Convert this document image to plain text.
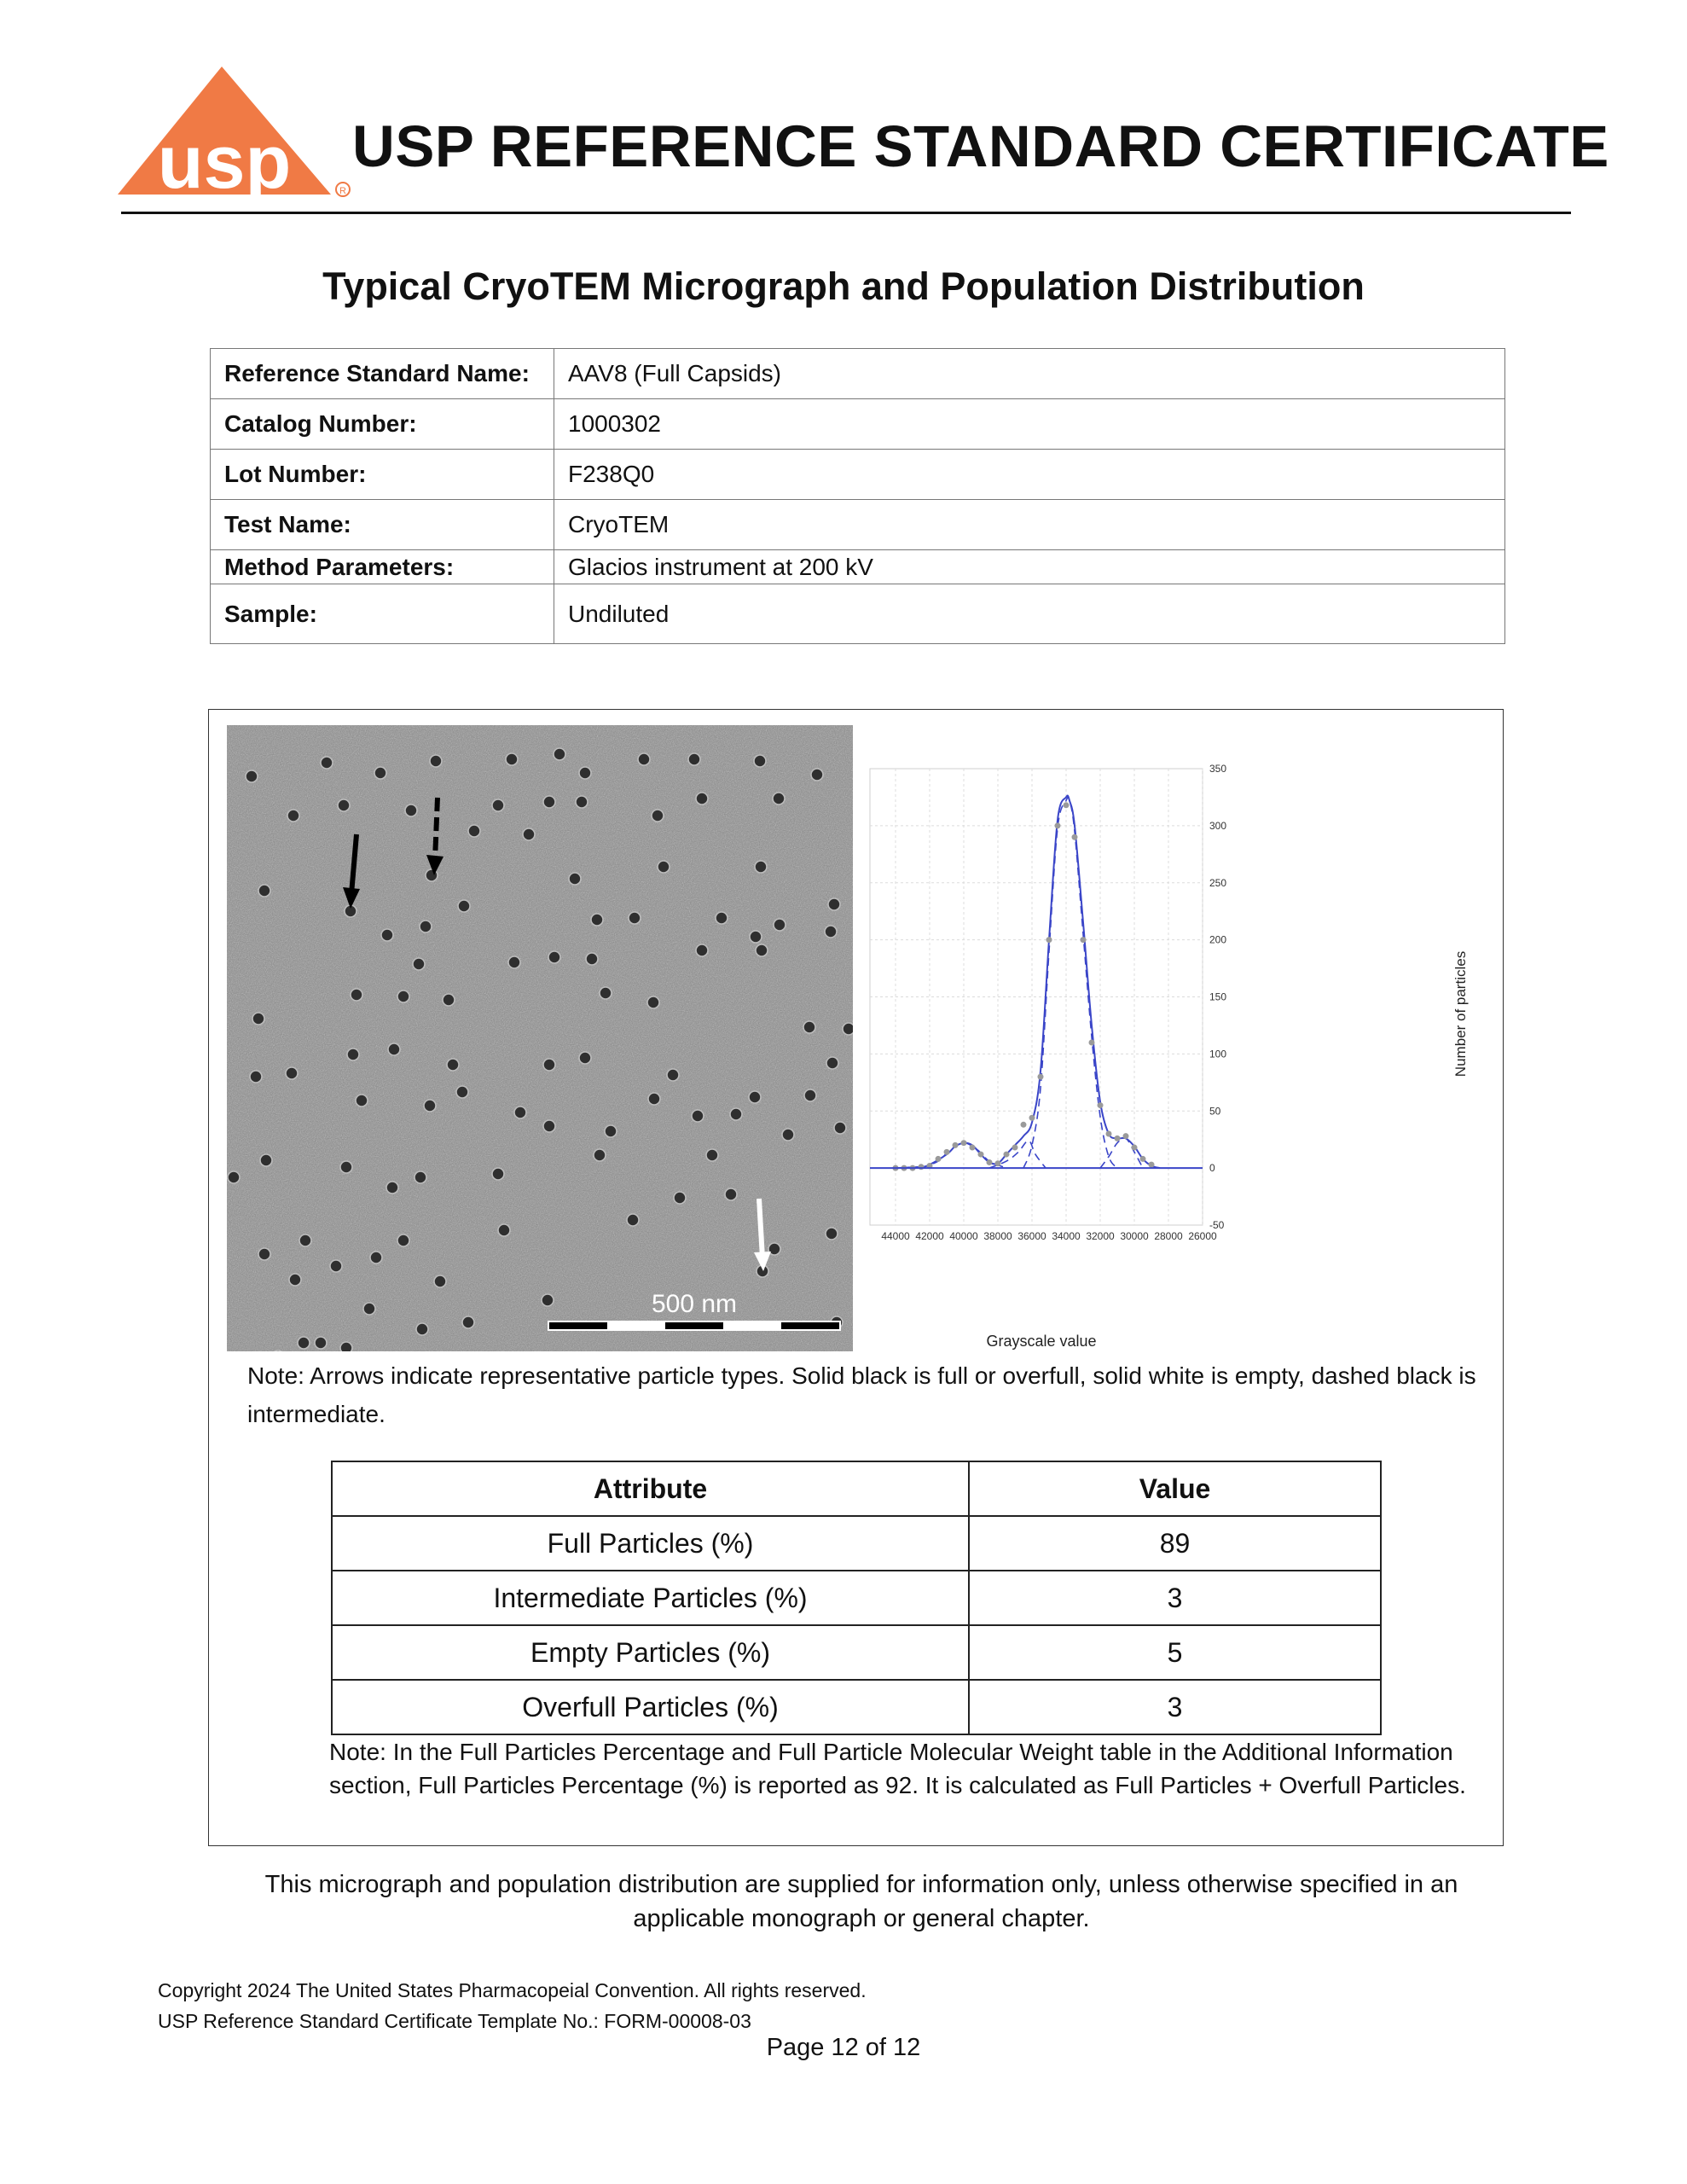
usp	R
USP REFERENCE STANDARD CERTIFICATE
Typical CryoTEM Micrograph and Population Distribution
Reference Standard Name:	AAV8 (Full Capsids)
Catalog Number:	1000302
Lot Number:	F238Q0
Test Name:	CryoTEM
Method Parameters:	Glacios instrument at 200 kV
Sample:	Undiluted
500 nm
350
300
250
200
150
100
50
0
-50
44000 42000 40000 38000 36000 34000 32000 30000 28000 26000
Grayscale value
Number of particles
Note: Arrows indicate representative particle types. Solid black is full or overfull, solid white is empty, dashed black is intermediate.
Attribute	Value
Full Particles (%)	89
Intermediate Particles (%)	3
Empty Particles (%)	5
Overfull Particles (%)	3
Note: In the Full Particles Percentage and Full Particle Molecular Weight table in the Additional Information section, Full Particles Percentage (%) is reported as 92. It is calculated as Full Particles + Overfull Particles.
This micrograph and population distribution are supplied for information only, unless otherwise specified in an applicable monograph or general chapter.
Copyright 2024 The United States Pharmacopeial Convention. All rights reserved.
USP Reference Standard Certificate Template No.: FORM-00008-03
Page 12 of 12
